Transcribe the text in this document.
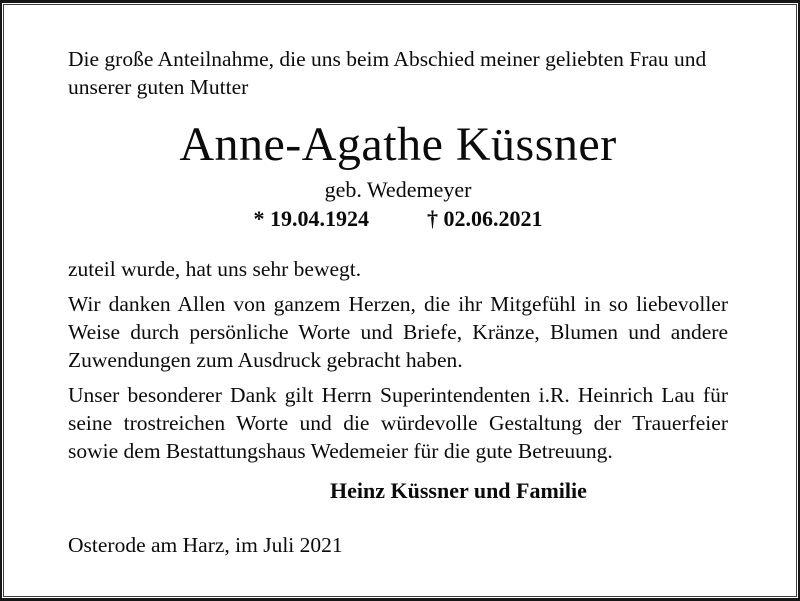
Die große Anteilnahme, die uns beim Abschied meiner geliebten Frau und unserer guten Mutter

Anne-Agathe Küssner
geb. Wedemeyer
* 19.04.1924	† 02.06.2021

zuteil wurde, hat uns sehr bewegt.

Wir danken Allen von ganzem Herzen, die ihr Mitgefühl in so liebevoller Weise durch persönliche Worte und Briefe, Kränze, Blumen und andere Zuwendungen zum Ausdruck gebracht haben.

Unser besonderer Dank gilt Herrn Superintendenten i.R. Heinrich Lau für seine trostreichen Worte und die würdevolle Gestaltung der Trauerfeier sowie dem Bestattungshaus Wedemeier für die gute Betreuung.

Heinz Küssner und Familie
Osterode am Harz, im Juli 2021
